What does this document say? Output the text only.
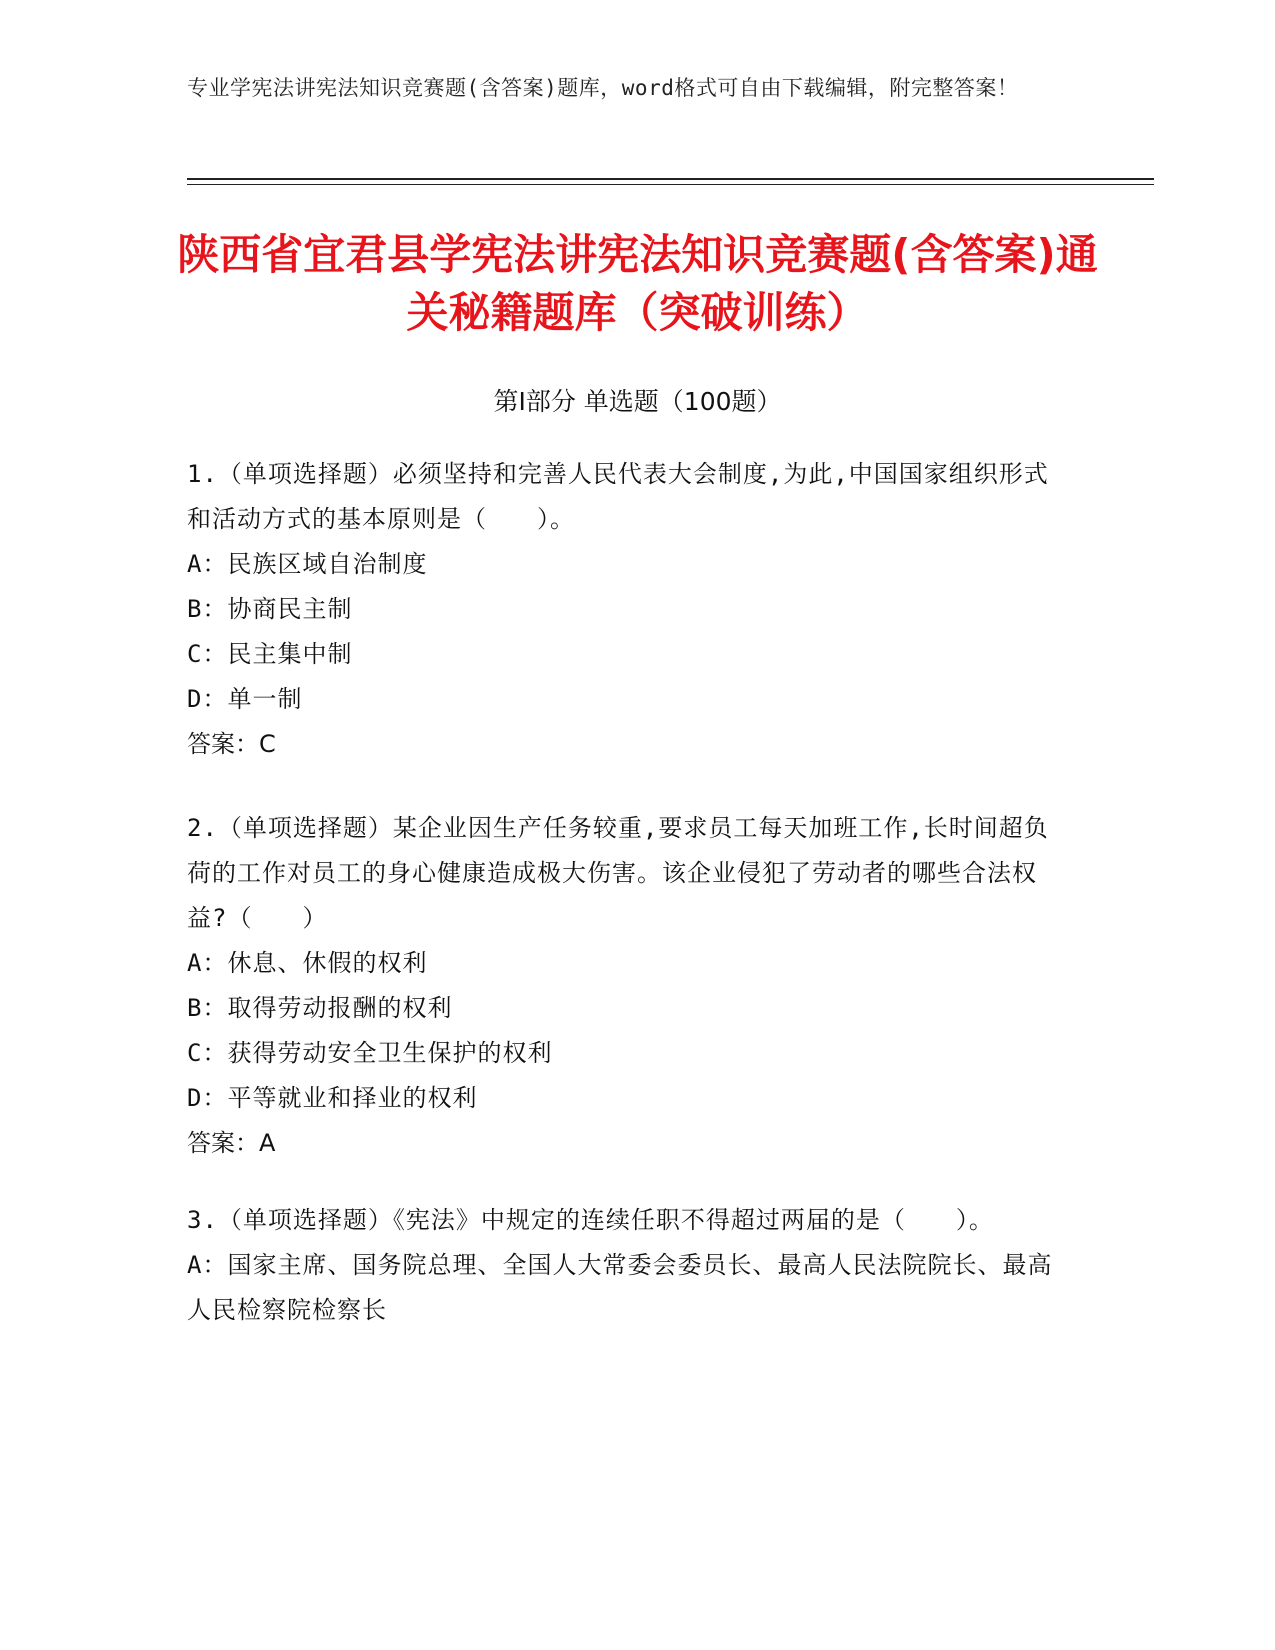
专业学宪法讲宪法知识竞赛题(含答案)题库，word格式可自由下载编辑，附完整答案！
陕西省宜君县学宪法讲宪法知识竞赛题(含答案)通关秘籍题库（突破训练）
第Ⅰ部分 单选题（100题）
1.（单项选择题）必须坚持和完善人民代表大会制度,为此,中国国家组织形式和活动方式的基本原则是（　　）。
A：民族区域自治制度
B：协商民主制
C：民主集中制
D：单一制
答案：C
2.（单项选择题）某企业因生产任务较重,要求员工每天加班工作,长时间超负荷的工作对员工的身心健康造成极大伤害。该企业侵犯了劳动者的哪些合法权益?（　　）
A：休息、休假的权利
B：取得劳动报酬的权利
C：获得劳动安全卫生保护的权利
D：平等就业和择业的权利
答案：A
3.（单项选择题）《宪法》中规定的连续任职不得超过两届的是（　　）。
A：国家主席、国务院总理、全国人大常委会委员长、最高人民法院院长、最高人民检察院检察长
